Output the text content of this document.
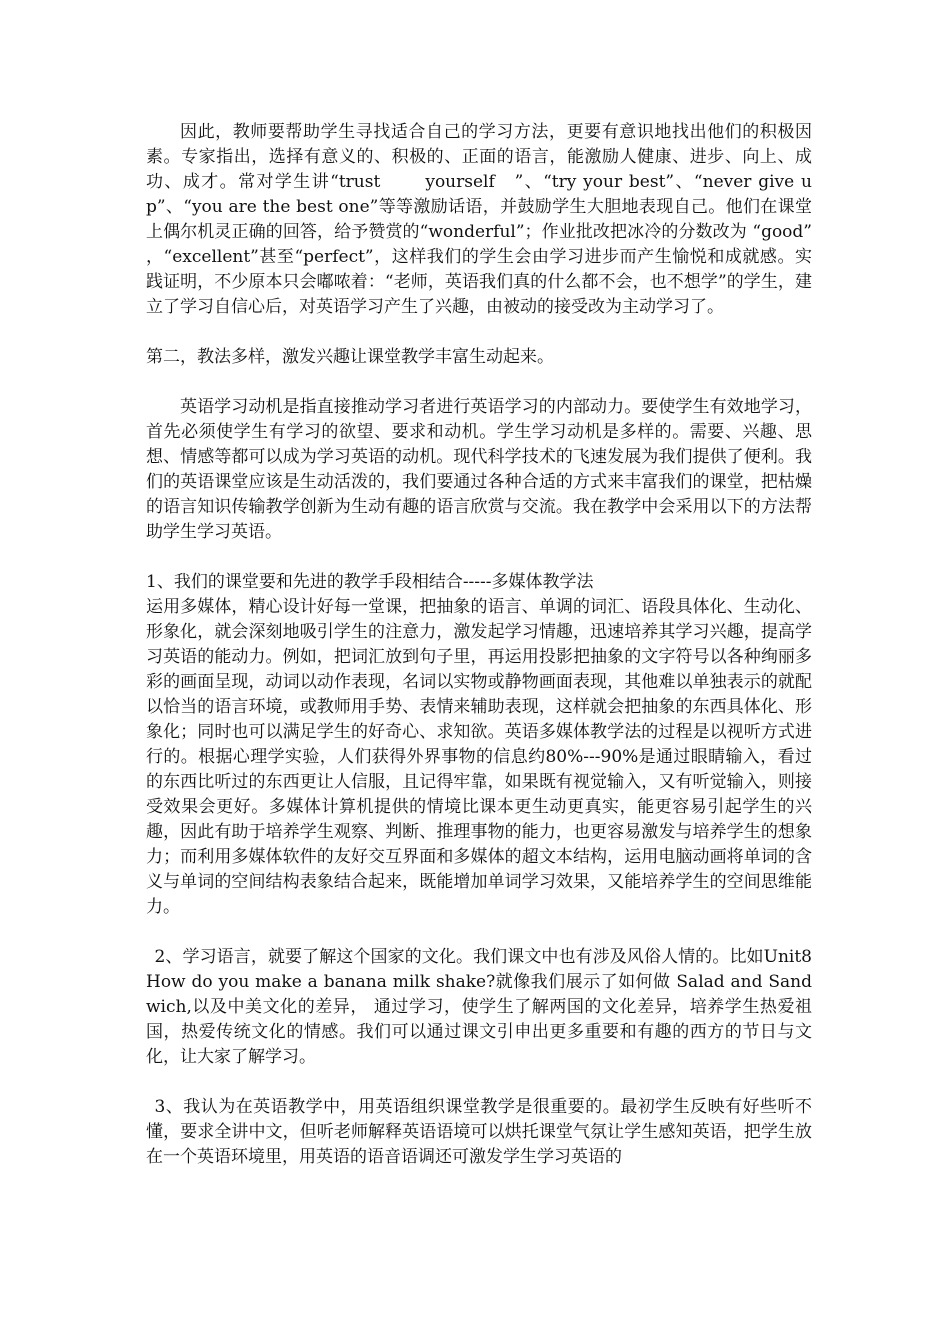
因此，教师要帮助学生寻找适合自己的学习方法，更要有意识地找出他们的积极因素。专家指出，选择有意义的、积极的、正面的语言，能激励人健康、进步、向上、成功、成才。常对学生讲“trust　　 yourself　”、“try your best”、“never give up”、“you are the best one”等等激励话语，并鼓励学生大胆地表现自己。他们在课堂上偶尔机灵正确的回答，给予赞赏的“wonderful”；作业批改把冰冷的分数改为 “good” ，“excellent”甚至“perfect”，这样我们的学生会由学习进步而产生愉悦和成就感。实践证明，不少原本只会嘟哝着：“老师，英语我们真的什么都不会，也不想学”的学生，建立了学习自信心后，对英语学习产生了兴趣，由被动的接受改为主动学习了。

第二，教法多样，激发兴趣让课堂教学丰富生动起来。

英语学习动机是指直接推动学习者进行英语学习的内部动力。要使学生有效地学习，首先必须使学生有学习的欲望、要求和动机。学生学习动机是多样的。需要、兴趣、思想、情感等都可以成为学习英语的动机。现代科学技术的飞速发展为我们提供了便利。我们的英语课堂应该是生动活泼的，我们要通过各种合适的方式来丰富我们的课堂，把枯燥的语言知识传输教学创新为生动有趣的语言欣赏与交流。我在教学中会采用以下的方法帮助学生学习英语。

1、我们的课堂要和先进的教学手段相结合-----多媒体教学法

运用多媒体，精心设计好每一堂课，把抽象的语言、单调的词汇、语段具体化、生动化、形象化，就会深刻地吸引学生的注意力，激发起学习情趣，迅速培养其学习兴趣，提高学习英语的能动力。例如，把词汇放到句子里，再运用投影把抽象的文字符号以各种绚丽多彩的画面呈现，动词以动作表现，名词以实物或静物画面表现，其他难以单独表示的就配以恰当的语言环境，或教师用手势、表情来辅助表现，这样就会把抽象的东西具体化、形象化；同时也可以满足学生的好奇心、求知欲。英语多媒体教学法的过程是以视听方式进行的。根据心理学实验，人们获得外界事物的信息约80%---90%是通过眼睛输入，看过的东西比听过的东西更让人信服，且记得牢靠，如果既有视觉输入，又有听觉输入，则接受效果会更好。多媒体计算机提供的情境比课本更生动更真实，能更容易引起学生的兴趣，因此有助于培养学生观察、判断、推理事物的能力，也更容易激发与培养学生的想象力；而利用多媒体软件的友好交互界面和多媒体的超文本结构，运用电脑动画将单词的含义与单词的空间结构表象结合起来，既能增加单词学习效果，又能培养学生的空间思维能力。

2、学习语言，就要了解这个国家的文化。我们课文中也有涉及风俗人情的。比如Unit8 How do you make a banana milk shake?就像我们展示了如何做 Salad and Sandwich,以及中美文化的差异， 通过学习，使学生了解两国的文化差异，培养学生热爱祖国，热爱传统文化的情感。我们可以通过课文引申出更多重要和有趣的西方的节日与文化，让大家了解学习。

3、我认为在英语教学中，用英语组织课堂教学是很重要的。最初学生反映有好些听不懂，要求全讲中文，但听老师解释英语语境可以烘托课堂气氛让学生感知英语，把学生放在一个英语环境里，用英语的语音语调还可激发学生学习英语的
